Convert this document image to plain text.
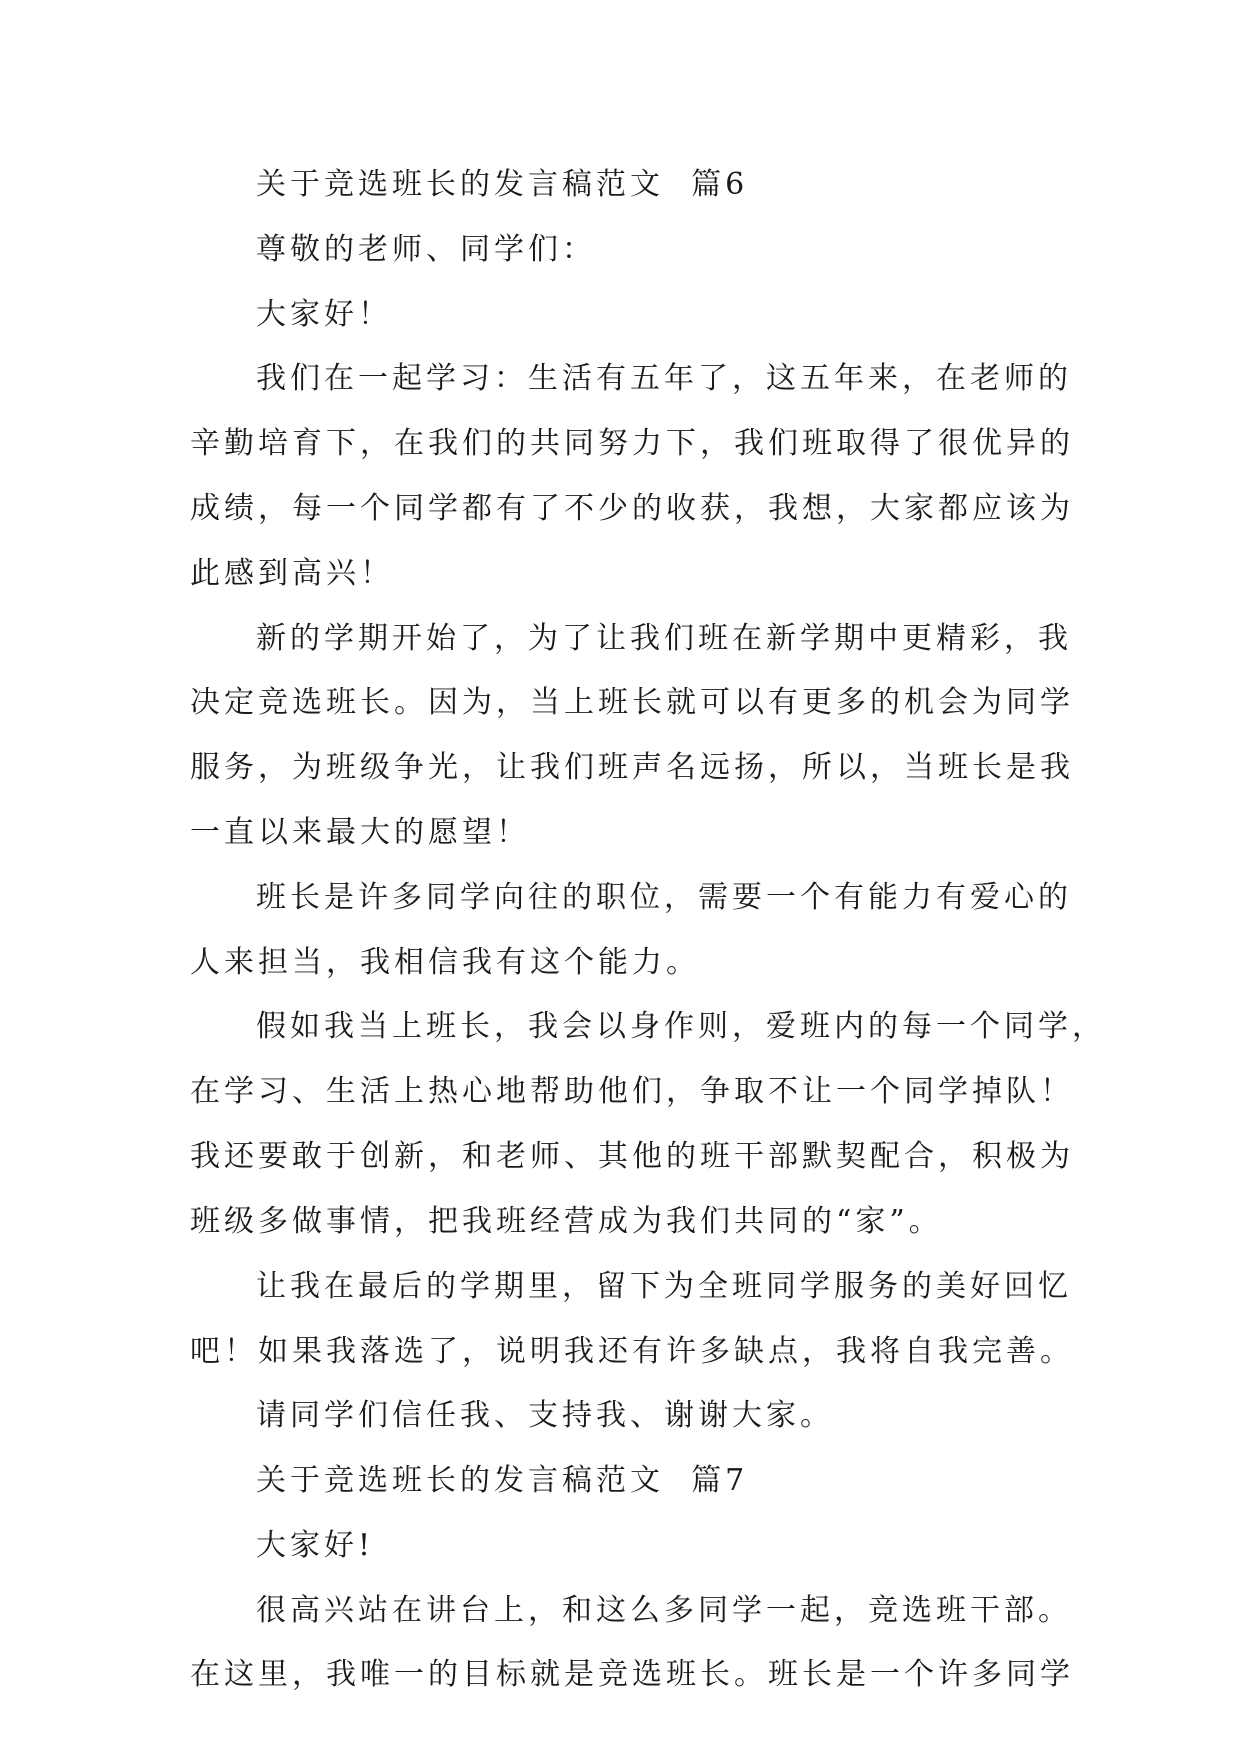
关于竞选班长的发言稿范文  篇6
尊敬的老师、同学们：
大家好！
我们在一起学习：生活有五年了，这五年来，在老师的
辛勤培育下，在我们的共同努力下，我们班取得了很优异的
成绩，每一个同学都有了不少的收获，我想，大家都应该为
此感到高兴！
新的学期开始了，为了让我们班在新学期中更精彩，我
决定竞选班长。因为，当上班长就可以有更多的机会为同学
服务，为班级争光，让我们班声名远扬，所以，当班长是我
一直以来最大的愿望！
班长是许多同学向往的职位，需要一个有能力有爱心的
人来担当，我相信我有这个能力。
假如我当上班长，我会以身作则，爱班内的每一个同学，
在学习、生活上热心地帮助他们，争取不让一个同学掉队！
我还要敢于创新，和老师、其他的班干部默契配合，积极为
班级多做事情，把我班经营成为我们共同的“家”。
让我在最后的学期里，留下为全班同学服务的美好回忆
吧！如果我落选了，说明我还有许多缺点，我将自我完善。
请同学们信任我、支持我、谢谢大家。
关于竞选班长的发言稿范文  篇7
大家好!
很高兴站在讲台上，和这么多同学一起，竞选班干部。
在这里，我唯一的目标就是竞选班长。班长是一个许多同学
